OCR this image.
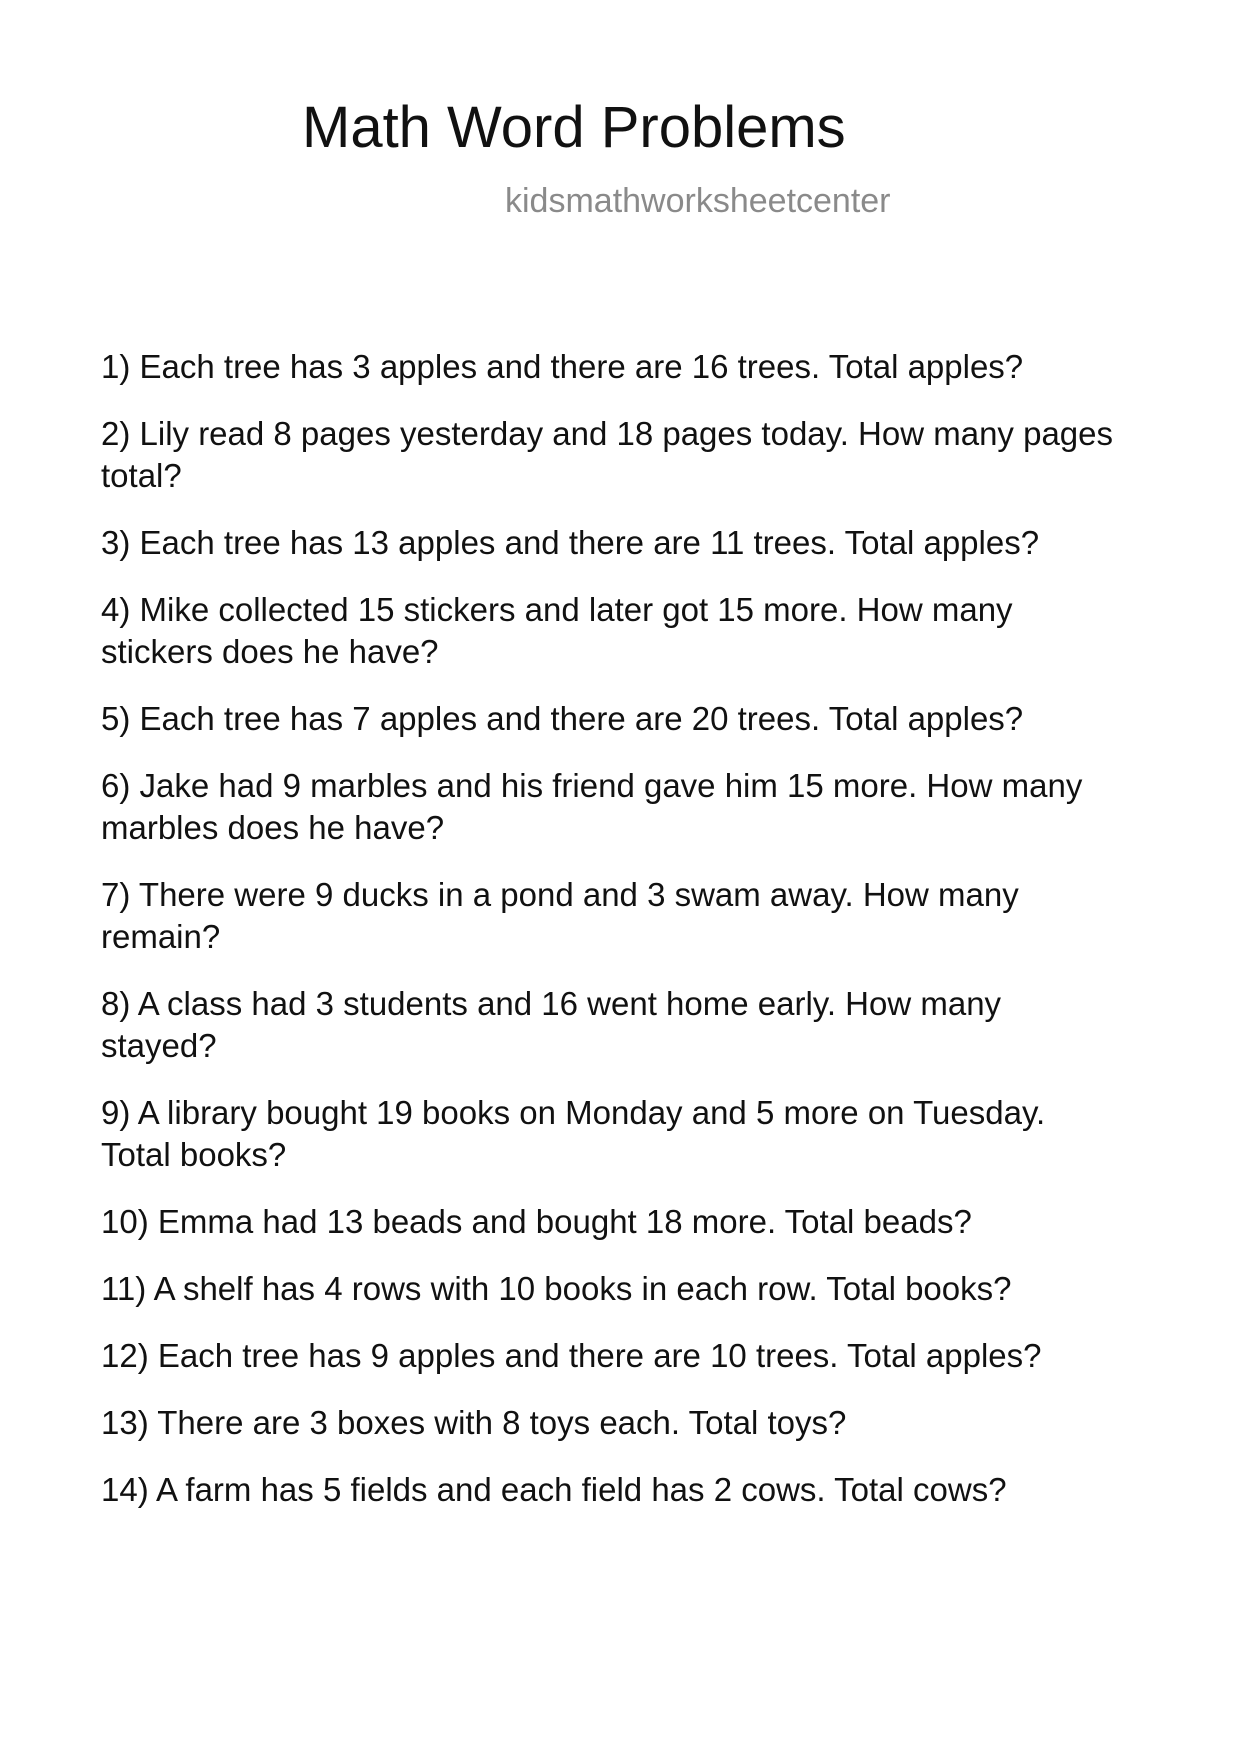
Math Word Problems
kidsmathworksheetcenter
1) Each tree has 3 apples and there are 16 trees. Total apples?
2) Lily read 8 pages yesterday and 18 pages today. How many pages total?
3) Each tree has 13 apples and there are 11 trees. Total apples?
4) Mike collected 15 stickers and later got 15 more. How many stickers does he have?
5) Each tree has 7 apples and there are 20 trees. Total apples?
6) Jake had 9 marbles and his friend gave him 15 more. How many marbles does he have?
7) There were 9 ducks in a pond and 3 swam away. How many remain?
8) A class had 3 students and 16 went home early. How many stayed?
9) A library bought 19 books on Monday and 5 more on Tuesday. Total books?
10) Emma had 13 beads and bought 18 more. Total beads?
11) A shelf has 4 rows with 10 books in each row. Total books?
12) Each tree has 9 apples and there are 10 trees. Total apples?
13) There are 3 boxes with 8 toys each. Total toys?
14) A farm has 5 fields and each field has 2 cows. Total cows?
